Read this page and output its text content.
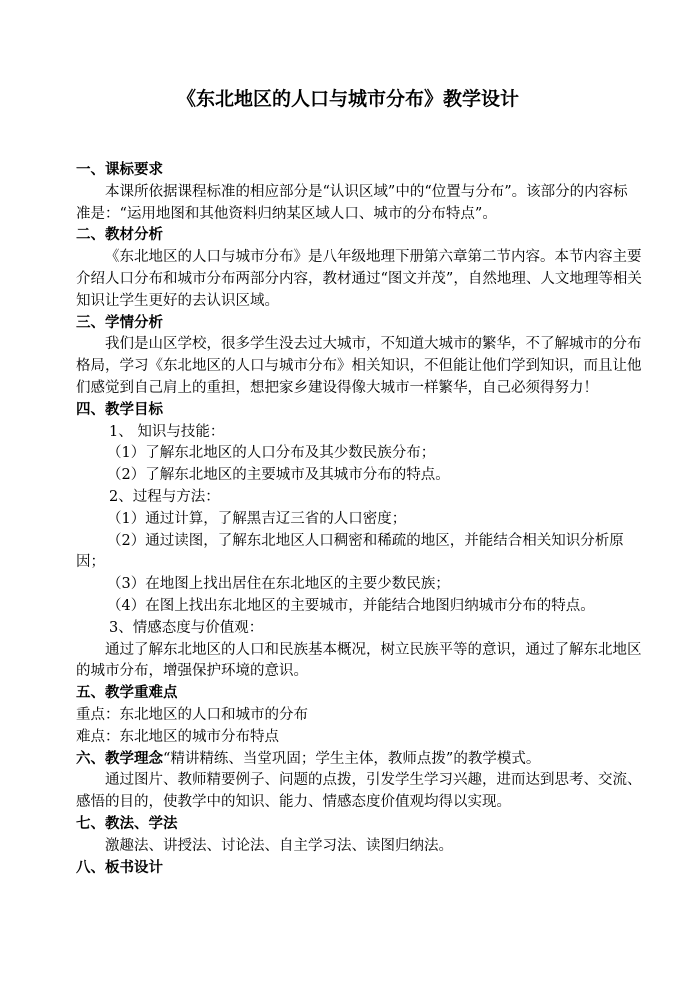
《东北地区的人口与城市分布》教学设计

一、课标要求

本课所依据课程标准的相应部分是“认识区域”中的“位置与分布”。该部分的内容标准是：“运用地图和其他资料归纳某区域人口、城市的分布特点”。

二、教材分析

《东北地区的人口与城市分布》是八年级地理下册第六章第二节内容。本节内容主要介绍人口分布和城市分布两部分内容，教材通过“图文并茂”，自然地理、人文地理等相关知识让学生更好的去认识区域。

三、学情分析

我们是山区学校，很多学生没去过大城市，不知道大城市的繁华，不了解城市的分布格局，学习《东北地区的人口与城市分布》相关知识，不但能让他们学到知识，而且让他们感觉到自己肩上的重担，想把家乡建设得像大城市一样繁华，自己必须得努力！

四、教学目标

1、 知识与技能：

（1）了解东北地区的人口分布及其少数民族分布；

（2）了解东北地区的主要城市及其城市分布的特点。

2、过程与方法：

（1）通过计算，了解黑吉辽三省的人口密度；

（2）通过读图，了解东北地区人口稠密和稀疏的地区，并能结合相关知识分析原因；

（3）在地图上找出居住在东北地区的主要少数民族；

（4）在图上找出东北地区的主要城市，并能结合地图归纳城市分布的特点。

3、情感态度与价值观：

通过了解东北地区的人口和民族基本概况，树立民族平等的意识，通过了解东北地区的城市分布，增强保护环境的意识。

五、教学重难点

重点：东北地区的人口和城市的分布

难点：东北地区的城市分布特点

六、教学理念“精讲精练、当堂巩固；学生主体，教师点拨”的教学模式。

通过图片、教师精要例子、问题的点拨，引发学生学习兴趣，进而达到思考、交流、感悟的目的，使教学中的知识、能力、情感态度价值观均得以实现。

七、教法、学法

激趣法、讲授法、讨论法、自主学习法、读图归纳法。

八、板书设计
